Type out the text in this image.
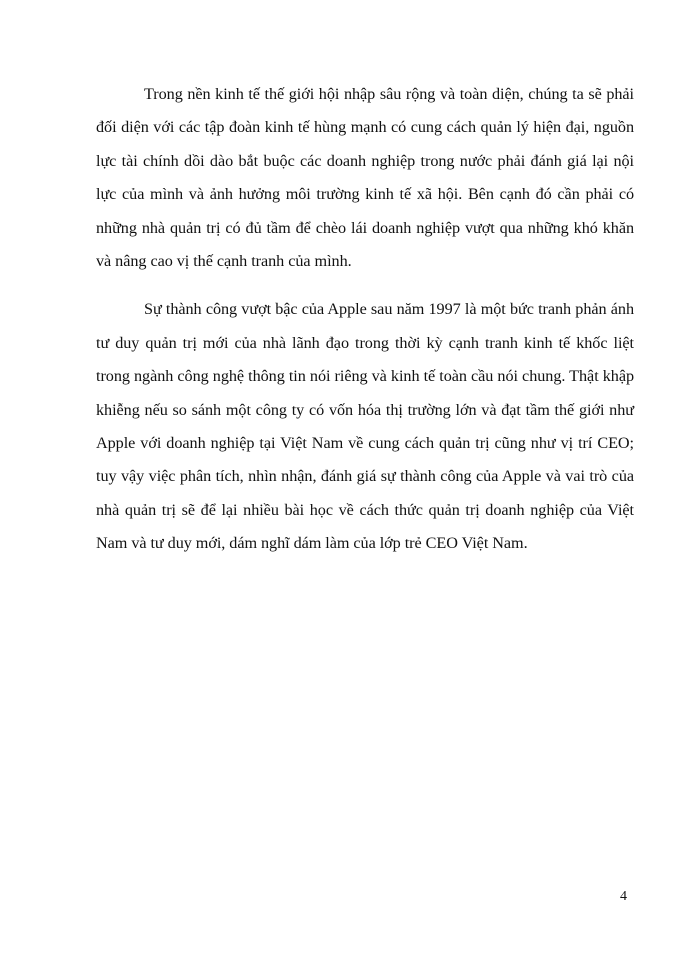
Trong nền kinh tế thế giới hội nhập sâu rộng và toàn diện, chúng ta sẽ phải đối diện với các tập đoàn kinh tế hùng mạnh có cung cách quản lý hiện đại, nguồn lực tài chính dồi dào bắt buộc các doanh nghiệp trong nước phải đánh giá lại nội lực của mình và ảnh hưởng môi trường kinh tế xã hội. Bên cạnh đó cần phải có những nhà quản trị có đủ tầm để chèo lái doanh nghiệp vượt qua những khó khăn và nâng cao vị thế cạnh tranh của mình.

Sự thành công vượt bậc của Apple sau năm 1997 là một bức tranh phản ánh tư duy quản trị mới của nhà lãnh đạo trong thời kỳ cạnh tranh kinh tế khốc liệt trong ngành công nghệ thông tin nói riêng và kinh tế toàn cầu nói chung. Thật khập khiễng nếu so sánh một công ty có vốn hóa thị trường lớn và đạt tầm thế giới như Apple với doanh nghiệp tại Việt Nam về cung cách quản trị cũng như vị trí CEO; tuy vậy việc phân tích, nhìn nhận, đánh giá sự thành công của Apple và vai trò của nhà quản trị sẽ để lại nhiều bài học về cách thức quản trị doanh nghiệp của Việt Nam và tư duy mới, dám nghĩ dám làm của lớp trẻ CEO Việt Nam.

4
